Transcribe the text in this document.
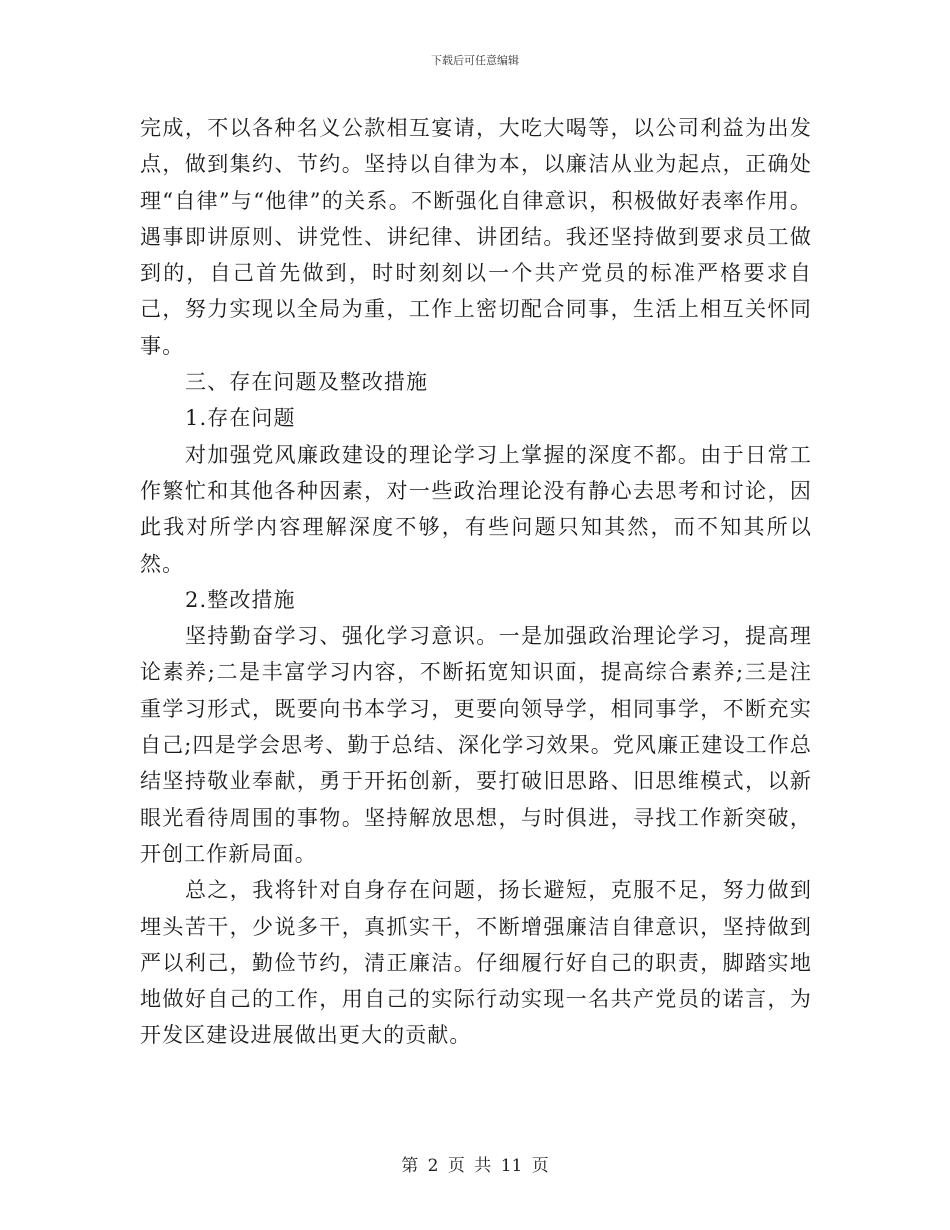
下载后可任意编辑

完成，不以各种名义公款相互宴请，大吃大喝等，以公司利益为出发点，做到集约、节约。坚持以自律为本，以廉洁从业为起点，正确处理“自律”与“他律”的关系。不断强化自律意识，积极做好表率作用。遇事即讲原则、讲党性、讲纪律、讲团结。我还坚持做到要求员工做到的，自己首先做到，时时刻刻以一个共产党员的标准严格要求自己，努力实现以全局为重，工作上密切配合同事，生活上相互关怀同事。

三、存在问题及整改措施

1.存在问题

对加强党风廉政建设的理论学习上掌握的深度不都。由于日常工作繁忙和其他各种因素，对一些政治理论没有静心去思考和讨论，因此我对所学内容理解深度不够，有些问题只知其然，而不知其所以然。

2.整改措施

坚持勤奋学习、强化学习意识。一是加强政治理论学习，提高理论素养;二是丰富学习内容，不断拓宽知识面，提高综合素养;三是注重学习形式，既要向书本学习，更要向领导学，相同事学，不断充实自己;四是学会思考、勤于总结、深化学习效果。党风廉正建设工作总结坚持敬业奉献，勇于开拓创新，要打破旧思路、旧思维模式，以新眼光看待周围的事物。坚持解放思想，与时俱进，寻找工作新突破，开创工作新局面。

总之，我将针对自身存在问题，扬长避短，克服不足，努力做到埋头苦干，少说多干，真抓实干，不断增强廉洁自律意识，坚持做到严以利己，勤俭节约，清正廉洁。仔细履行好自己的职责，脚踏实地地做好自己的工作，用自己的实际行动实现一名共产党员的诺言，为开发区建设进展做出更大的贡献。

第 2 页 共 11 页
